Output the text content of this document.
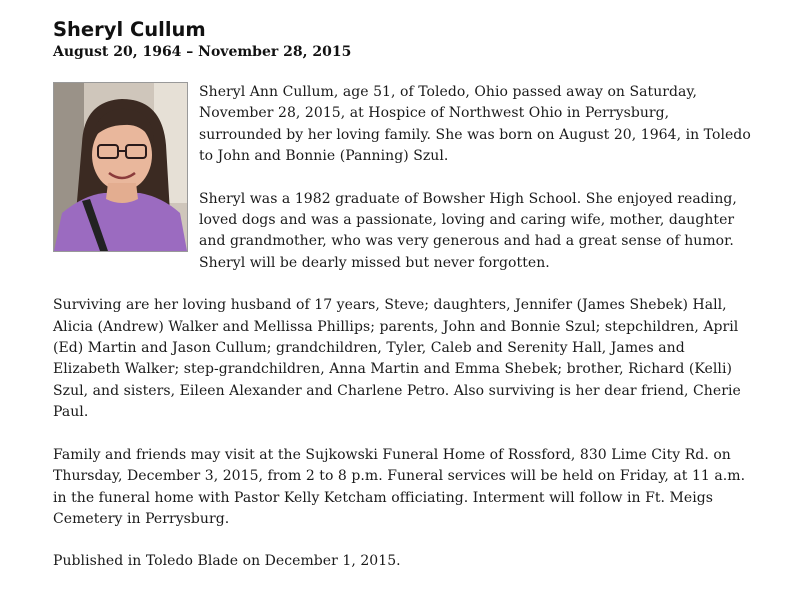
Sheryl Cullum
August 20, 1964 – November 28, 2015

Sheryl Ann Cullum, age 51, of Toledo, Ohio passed away on Saturday, November 28, 2015, at Hospice of Northwest Ohio in Perrysburg, surrounded by her loving family. She was born on August 20, 1964, in Toledo to John and Bonnie (Panning) Szul.

Sheryl was a 1982 graduate of Bowsher High School. She enjoyed reading, loved dogs and was a passionate, loving and caring wife, mother, daughter and grandmother, who was very generous and had a great sense of humor. Sheryl will be dearly missed but never forgotten.

Surviving are her loving husband of 17 years, Steve; daughters, Jennifer (James Shebek) Hall, Alicia (Andrew) Walker and Mellissa Phillips; parents, John and Bonnie Szul; stepchildren, April (Ed) Martin and Jason Cullum; grandchildren, Tyler, Caleb and Serenity Hall, James and Elizabeth Walker; step-grandchildren, Anna Martin and Emma Shebek; brother, Richard (Kelli) Szul, and sisters, Eileen Alexander and Charlene Petro. Also surviving is her dear friend, Cherie Paul.

Family and friends may visit at the Sujkowski Funeral Home of Rossford, 830 Lime City Rd. on Thursday, December 3, 2015, from 2 to 8 p.m. Funeral services will be held on Friday, at 11 a.m. in the funeral home with Pastor Kelly Ketcham officiating. Interment will follow in Ft. Meigs Cemetery in Perrysburg.

Published in Toledo Blade on December 1, 2015.
